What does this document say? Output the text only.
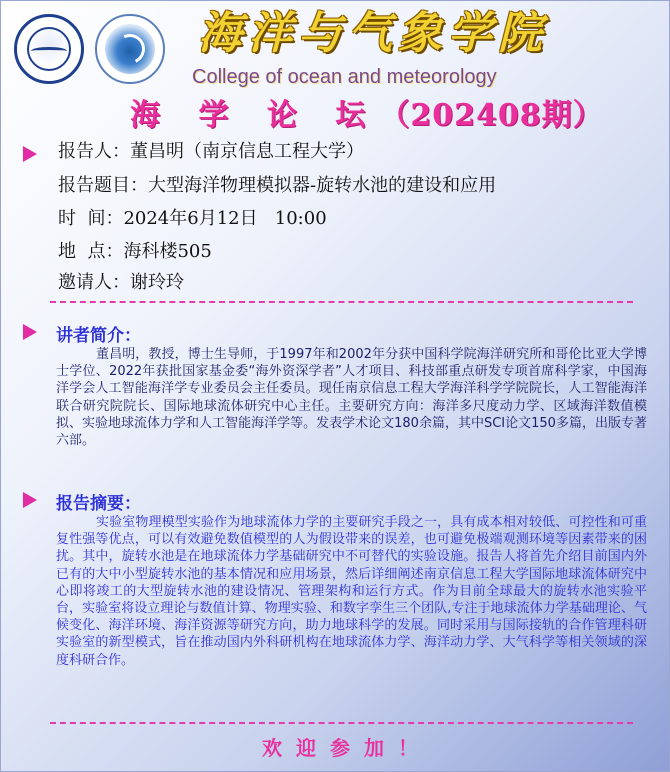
海洋与气象学院
College of ocean and meteorology
海 学 论 坛（202408期）
报告人：董昌明（南京信息工程大学）
报告题目：大型海洋物理模拟器-旋转水池的建设和应用
时  间：2024年6月12日   10:00
地  点：海科楼505
邀请人：谢玲玲
讲者简介：
董昌明，教授，博士生导师，于1997年和2002年分获中国科学院海洋研究所和哥伦比亚大学博士学位、2022年获批国家基金委“海外资深学者”人才项目、科技部重点研发专项首席科学家，中国海洋学会人工智能海洋学专业委员会主任委员。现任南京信息工程大学海洋科学学院院长，人工智能海洋联合研究院院长、国际地球流体研究中心主任。主要研究方向：海洋多尺度动力学、区域海洋数值模拟、实验地球流体力学和人工智能海洋学等。发表学术论文180余篇，其中SCI论文150多篇，出版专著六部。
报告摘要：
实验室物理模型实验作为地球流体力学的主要研究手段之一，具有成本相对较低、可控性和可重复性强等优点，可以有效避免数值模型的人为假设带来的误差，也可避免极端观测环境等因素带来的困扰。其中，旋转水池是在地球流体力学基础研究中不可替代的实验设施。报告人将首先介绍目前国内外已有的大中小型旋转水池的基本情况和应用场景，然后详细阐述南京信息工程大学国际地球流体研究中心即将竣工的大型旋转水池的建设情况、管理架构和运行方式。作为目前全球最大的旋转水池实验平台，实验室将设立理论与数值计算、物理实验、和数字孪生三个团队,专注于地球流体力学基础理论、气候变化、海洋环境、海洋资源等研究方向，助力地球科学的发展。同时采用与国际接轨的合作管理科研实验室的新型模式，旨在推动国内外科研机构在地球流体力学、海洋动力学、大气科学等相关领域的深度科研合作。
欢迎参加！
